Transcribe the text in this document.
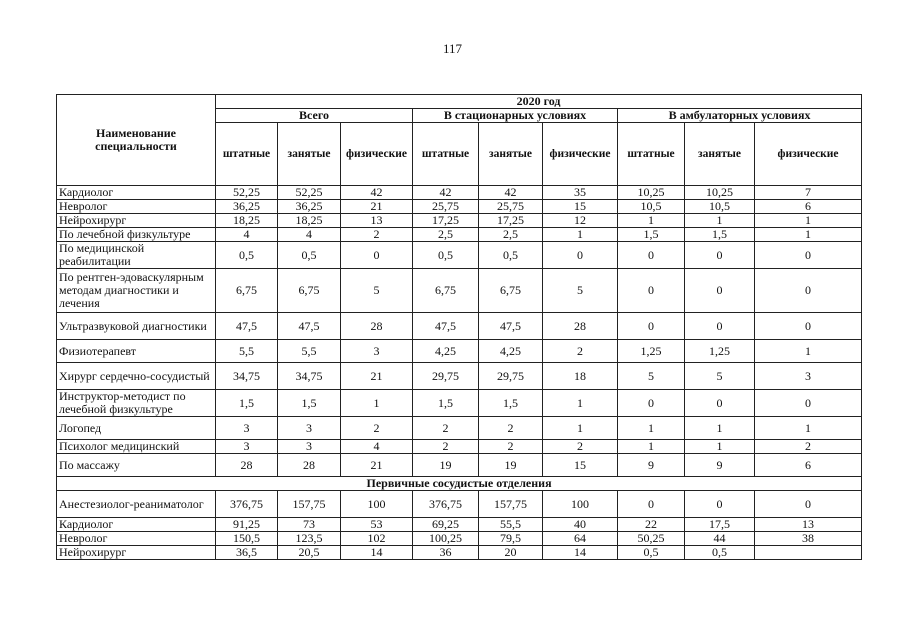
117
Наименование специальности	2020 год								
	Всего			В стационарных условиях			В амбулаторных условиях		
	штатные	занятые	физические	штатные	занятые	физические	штатные	занятые	физические
Кардиолог	52,25	52,25	42	42	42	35	10,25	10,25	7
Невролог	36,25	36,25	21	25,75	25,75	15	10,5	10,5	6
Нейрохирург	18,25	18,25	13	17,25	17,25	12	1	1	1
По лечебной физкультуре	4	4	2	2,5	2,5	1	1,5	1,5	1
По медицинской реабилитации	0,5	0,5	0	0,5	0,5	0	0	0	0
По рентген-эдоваскулярным методам диагностики и лечения	6,75	6,75	5	6,75	6,75	5	0	0	0
Ультразвуковой диагностики	47,5	47,5	28	47,5	47,5	28	0	0	0
Физиотерапевт	5,5	5,5	3	4,25	4,25	2	1,25	1,25	1
Хирург сердечно-сосудистый	34,75	34,75	21	29,75	29,75	18	5	5	3
Инструктор-методист по лечебной физкультуре	1,5	1,5	1	1,5	1,5	1	0	0	0
Логопед	3	3	2	2	2	1	1	1	1
Психолог медицинский	3	3	4	2	2	2	1	1	2
По массажу	28	28	21	19	19	15	9	9	6
Первичные сосудистые отделения									
Анестезиолог-реаниматолог	376,75	157,75	100	376,75	157,75	100	0	0	0
Кардиолог	91,25	73	53	69,25	55,5	40	22	17,5	13
Невролог	150,5	123,5	102	100,25	79,5	64	50,25	44	38
Нейрохирург	36,5	20,5	14	36	20	14	0,5	0,5	
